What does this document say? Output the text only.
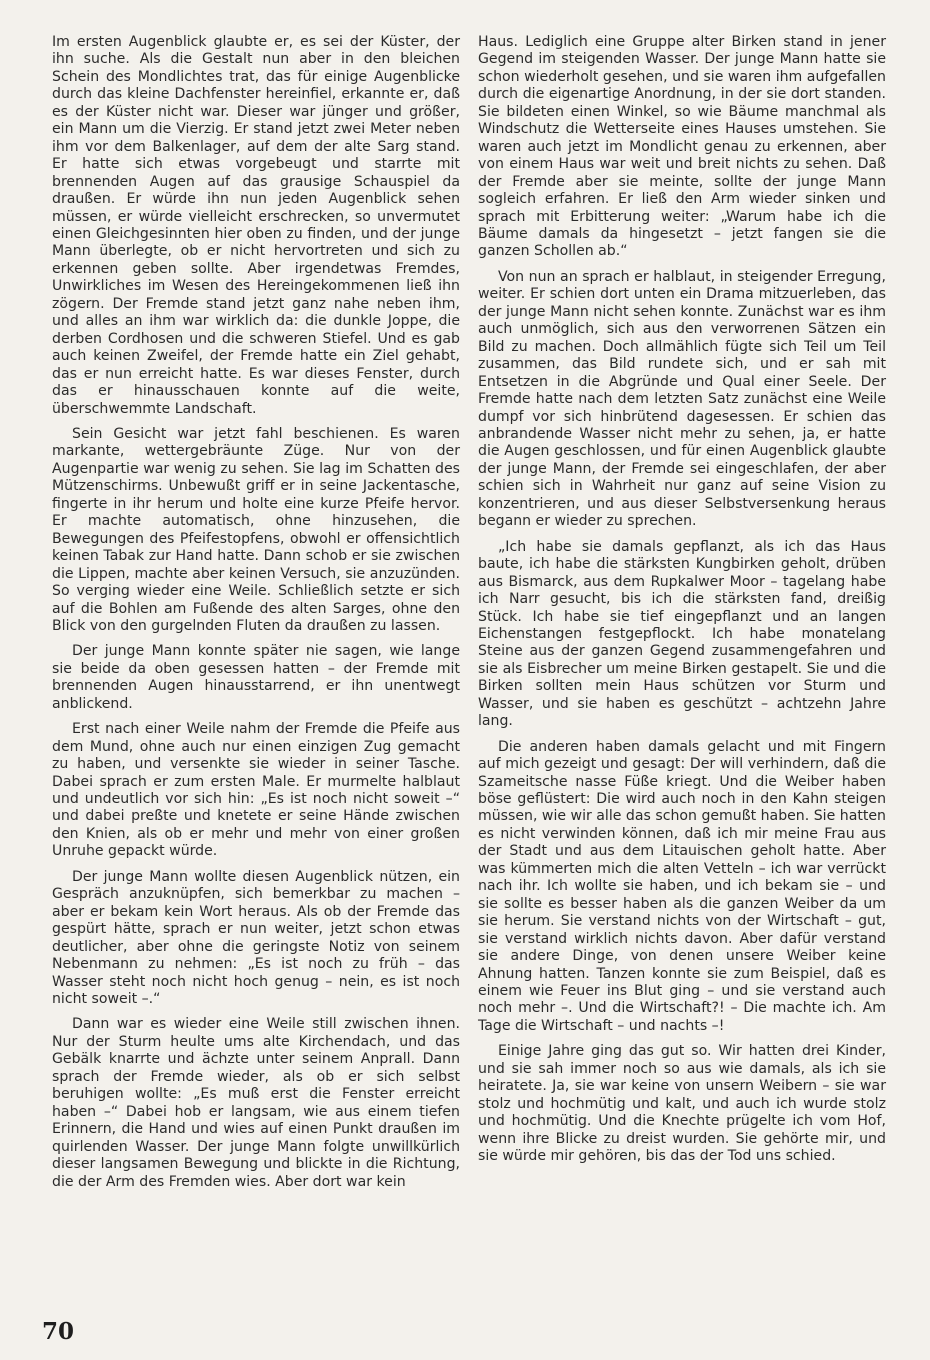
Im ersten Augenblick glaubte er, es sei der Küster, der ihn suche. Als die Gestalt nun aber in den bleichen Schein des Mondlichtes trat, das für einige Augenblicke durch das kleine Dachfenster hereinfiel, erkannte er, daß es der Küster nicht war. Dieser war jünger und größer, ein Mann um die Vierzig. Er stand jetzt zwei Meter neben ihm vor dem Balkenlager, auf dem der alte Sarg stand. Er hatte sich etwas vorgebeugt und starrte mit brennenden Augen auf das grausige Schauspiel da draußen. Er würde ihn nun jeden Augenblick sehen müssen, er würde vielleicht erschrecken, so unvermutet einen Gleichgesinnten hier oben zu finden, und der junge Mann überlegte, ob er nicht hervortreten und sich zu erkennen geben sollte. Aber irgendetwas Fremdes, Unwirkliches im Wesen des Hereingekommenen ließ ihn zögern. Der Fremde stand jetzt ganz nahe neben ihm, und alles an ihm war wirklich da: die dunkle Joppe, die derben Cordhosen und die schweren Stiefel. Und es gab auch keinen Zweifel, der Fremde hatte ein Ziel gehabt, das er nun erreicht hatte. Es war dieses Fenster, durch das er hinausschauen konnte auf die weite, überschwemmte Landschaft.

Sein Gesicht war jetzt fahl beschienen. Es waren markante, wettergebräunte Züge. Nur von der Augenpartie war wenig zu sehen. Sie lag im Schatten des Mützenschirms. Unbewußt griff er in seine Jackentasche, fingerte in ihr herum und holte eine kurze Pfeife hervor. Er machte automatisch, ohne hinzusehen, die Bewegungen des Pfeifestopfens, obwohl er offensichtlich keinen Tabak zur Hand hatte. Dann schob er sie zwischen die Lippen, machte aber keinen Versuch, sie anzuzünden. So verging wieder eine Weile. Schließlich setzte er sich auf die Bohlen am Fußende des alten Sarges, ohne den Blick von den gurgelnden Fluten da draußen zu lassen.

Der junge Mann konnte später nie sagen, wie lange sie beide da oben gesessen hatten – der Fremde mit brennenden Augen hinausstarrend, er ihn unentwegt anblickend.

Erst nach einer Weile nahm der Fremde die Pfeife aus dem Mund, ohne auch nur einen einzigen Zug gemacht zu haben, und versenkte sie wieder in seiner Tasche. Dabei sprach er zum ersten Male. Er murmelte halblaut und undeutlich vor sich hin: „Es ist noch nicht soweit –“ und dabei preßte und knetete er seine Hände zwischen den Knien, als ob er mehr und mehr von einer großen Unruhe gepackt würde.

Der junge Mann wollte diesen Augenblick nützen, ein Gespräch anzuknüpfen, sich bemerkbar zu machen – aber er bekam kein Wort heraus. Als ob der Fremde das gespürt hätte, sprach er nun weiter, jetzt schon etwas deutlicher, aber ohne die geringste Notiz von seinem Nebenmann zu nehmen: „Es ist noch zu früh – das Wasser steht noch nicht hoch genug – nein, es ist noch nicht soweit –.“

Dann war es wieder eine Weile still zwischen ihnen. Nur der Sturm heulte ums alte Kirchendach, und das Gebälk knarrte und ächzte unter seinem Anprall. Dann sprach der Fremde wieder, als ob er sich selbst beruhigen wollte: „Es muß erst die Fenster erreicht haben –“ Dabei hob er langsam, wie aus einem tiefen Erinnern, die Hand und wies auf einen Punkt draußen im quirlenden Wasser. Der junge Mann folgte unwillkürlich dieser langsamen Bewegung und blickte in die Richtung, die der Arm des Fremden wies. Aber dort war kein

Haus. Lediglich eine Gruppe alter Birken stand in jener Gegend im steigenden Wasser. Der junge Mann hatte sie schon wiederholt gesehen, und sie waren ihm aufgefallen durch die eigenartige Anordnung, in der sie dort standen. Sie bildeten einen Winkel, so wie Bäume manchmal als Windschutz die Wetterseite eines Hauses umstehen. Sie waren auch jetzt im Mondlicht genau zu erkennen, aber von einem Haus war weit und breit nichts zu sehen. Daß der Fremde aber sie meinte, sollte der junge Mann sogleich erfahren. Er ließ den Arm wieder sinken und sprach mit Erbitterung weiter: „Warum habe ich die Bäume damals da hingesetzt – jetzt fangen sie die ganzen Schollen ab.“

Von nun an sprach er halblaut, in steigender Erregung, weiter. Er schien dort unten ein Drama mitzuerleben, das der junge Mann nicht sehen konnte. Zunächst war es ihm auch unmöglich, sich aus den verworrenen Sätzen ein Bild zu machen. Doch allmählich fügte sich Teil um Teil zusammen, das Bild rundete sich, und er sah mit Entsetzen in die Abgründe und Qual einer Seele. Der Fremde hatte nach dem letzten Satz zunächst eine Weile dumpf vor sich hinbrütend dagesessen. Er schien das anbrandende Wasser nicht mehr zu sehen, ja, er hatte die Augen geschlossen, und für einen Augenblick glaubte der junge Mann, der Fremde sei eingeschlafen, der aber schien sich in Wahrheit nur ganz auf seine Vision zu konzentrieren, und aus dieser Selbstversenkung heraus begann er wieder zu sprechen.

„Ich habe sie damals gepflanzt, als ich das Haus baute, ich habe die stärksten Kungbirken geholt, drüben aus Bismarck, aus dem Rupkalwer Moor – tagelang habe ich Narr gesucht, bis ich die stärksten fand, dreißig Stück. Ich habe sie tief eingepflanzt und an langen Eichenstangen festgepflockt. Ich habe monatelang Steine aus der ganzen Gegend zusammengefahren und sie als Eisbrecher um meine Birken gestapelt. Sie und die Birken sollten mein Haus schützen vor Sturm und Wasser, und sie haben es geschützt – achtzehn Jahre lang.

Die anderen haben damals gelacht und mit Fingern auf mich gezeigt und gesagt: Der will verhindern, daß die Szameitsche nasse Füße kriegt. Und die Weiber haben böse geflüstert: Die wird auch noch in den Kahn steigen müssen, wie wir alle das schon gemußt haben. Sie hatten es nicht verwinden können, daß ich mir meine Frau aus der Stadt und aus dem Litauischen geholt hatte. Aber was kümmerten mich die alten Vetteln – ich war verrückt nach ihr. Ich wollte sie haben, und ich bekam sie – und sie sollte es besser haben als die ganzen Weiber da um sie herum. Sie verstand nichts von der Wirtschaft – gut, sie verstand wirklich nichts davon. Aber dafür verstand sie andere Dinge, von denen unsere Weiber keine Ahnung hatten. Tanzen konnte sie zum Beispiel, daß es einem wie Feuer ins Blut ging – und sie verstand auch noch mehr –. Und die Wirtschaft?! – Die machte ich. Am Tage die Wirtschaft – und nachts –!

Einige Jahre ging das gut so. Wir hatten drei Kinder, und sie sah immer noch so aus wie damals, als ich sie heiratete. Ja, sie war keine von unsern Weibern – sie war stolz und hochmütig und kalt, und auch ich wurde stolz und hochmütig. Und die Knechte prügelte ich vom Hof, wenn ihre Blicke zu dreist wurden. Sie gehörte mir, und sie würde mir gehören, bis das der Tod uns schied.

70
